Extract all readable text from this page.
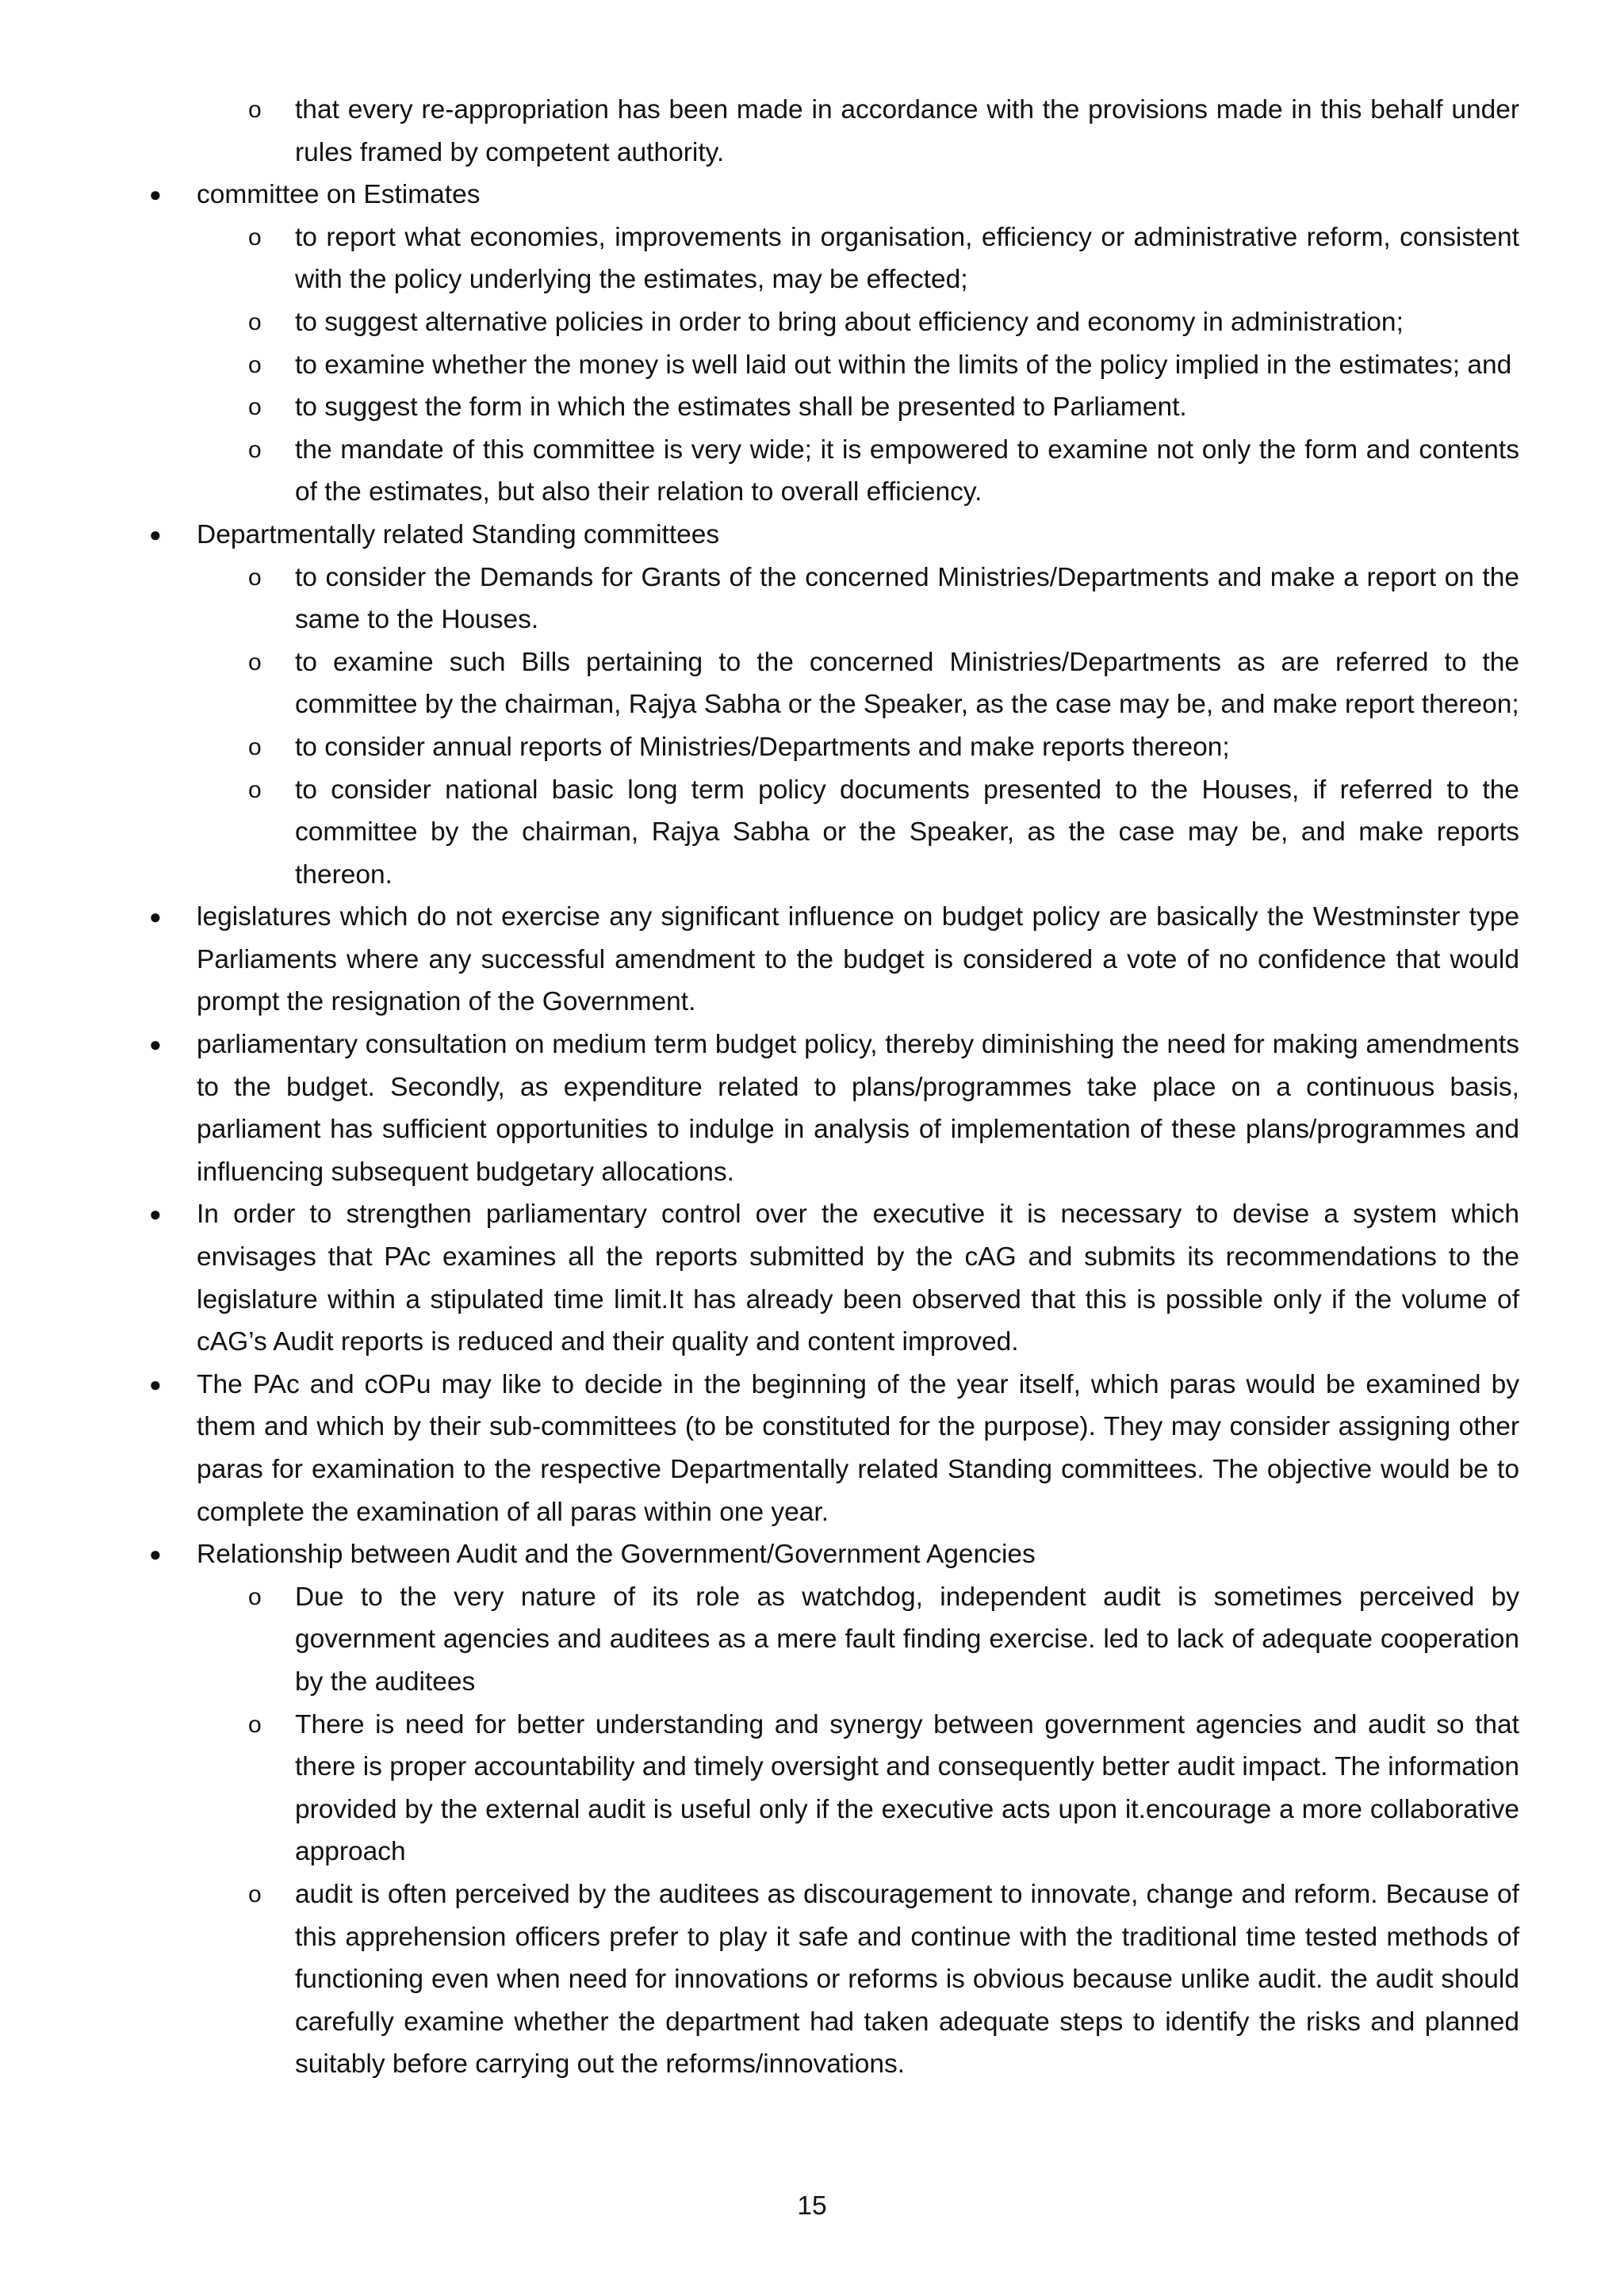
o that every re-appropriation has been made in accordance with the provisions made in this behalf under rules framed by competent authority.
● committee on Estimates
o to report what economies, improvements in organisation, efficiency or administrative reform, consistent with the policy underlying the estimates, may be effected;
o to suggest alternative policies in order to bring about efficiency and economy in administration;
o to examine whether the money is well laid out within the limits of the policy implied in the estimates; and
o to suggest the form in which the estimates shall be presented to Parliament.
o the mandate of this committee is very wide; it is empowered to examine not only the form and contents of the estimates, but also their relation to overall efficiency.
● Departmentally related Standing committees
o to consider the Demands for Grants of the concerned Ministries/Departments and make a report on the same to the Houses.
o to examine such Bills pertaining to the concerned Ministries/Departments as are referred to the committee by the chairman, Rajya Sabha or the Speaker, as the case may be, and make report thereon;
o to consider annual reports of Ministries/Departments and make reports thereon;
o to consider national basic long term policy documents presented to the Houses, if referred to the committee by the chairman, Rajya Sabha or the Speaker, as the case may be, and make reports thereon.
● legislatures which do not exercise any significant influence on budget policy are basically the Westminster type Parliaments where any successful amendment to the budget is considered a vote of no confidence that would prompt the resignation of the Government.
● parliamentary consultation on medium term budget policy, thereby diminishing the need for making amendments to the budget. Secondly, as expenditure related to plans/programmes take place on a continuous basis, parliament has sufficient opportunities to indulge in analysis of implementation of these plans/programmes and influencing subsequent budgetary allocations.
● In order to strengthen parliamentary control over the executive it is necessary to devise a system which envisages that PAc examines all the reports submitted by the cAG and submits its recommendations to the legislature within a stipulated time limit.It has already been observed that this is possible only if the volume of cAG’s Audit reports is reduced and their quality and content improved.
● The PAc and cOPu may like to decide in the beginning of the year itself, which paras would be examined by them and which by their sub-committees (to be constituted for the purpose). They may consider assigning other paras for examination to the respective Departmentally related Standing committees. The objective would be to complete the examination of all paras within one year.
● Relationship between Audit and the Government/Government Agencies
o Due to the very nature of its role as watchdog, independent audit is sometimes perceived by government agencies and auditees as a mere fault finding exercise. led to lack of adequate cooperation by the auditees
o There is need for better understanding and synergy between government agencies and audit so that there is proper accountability and timely oversight and consequently better audit impact. The information provided by the external audit is useful only if the executive acts upon it.encourage a more collaborative approach
o audit is often perceived by the auditees as discouragement to innovate, change and reform. Because of this apprehension officers prefer to play it safe and continue with the traditional time tested methods of functioning even when need for innovations or reforms is obvious because unlike audit. the audit should carefully examine whether the department had taken adequate steps to identify the risks and planned suitably before carrying out the reforms/innovations.
15
